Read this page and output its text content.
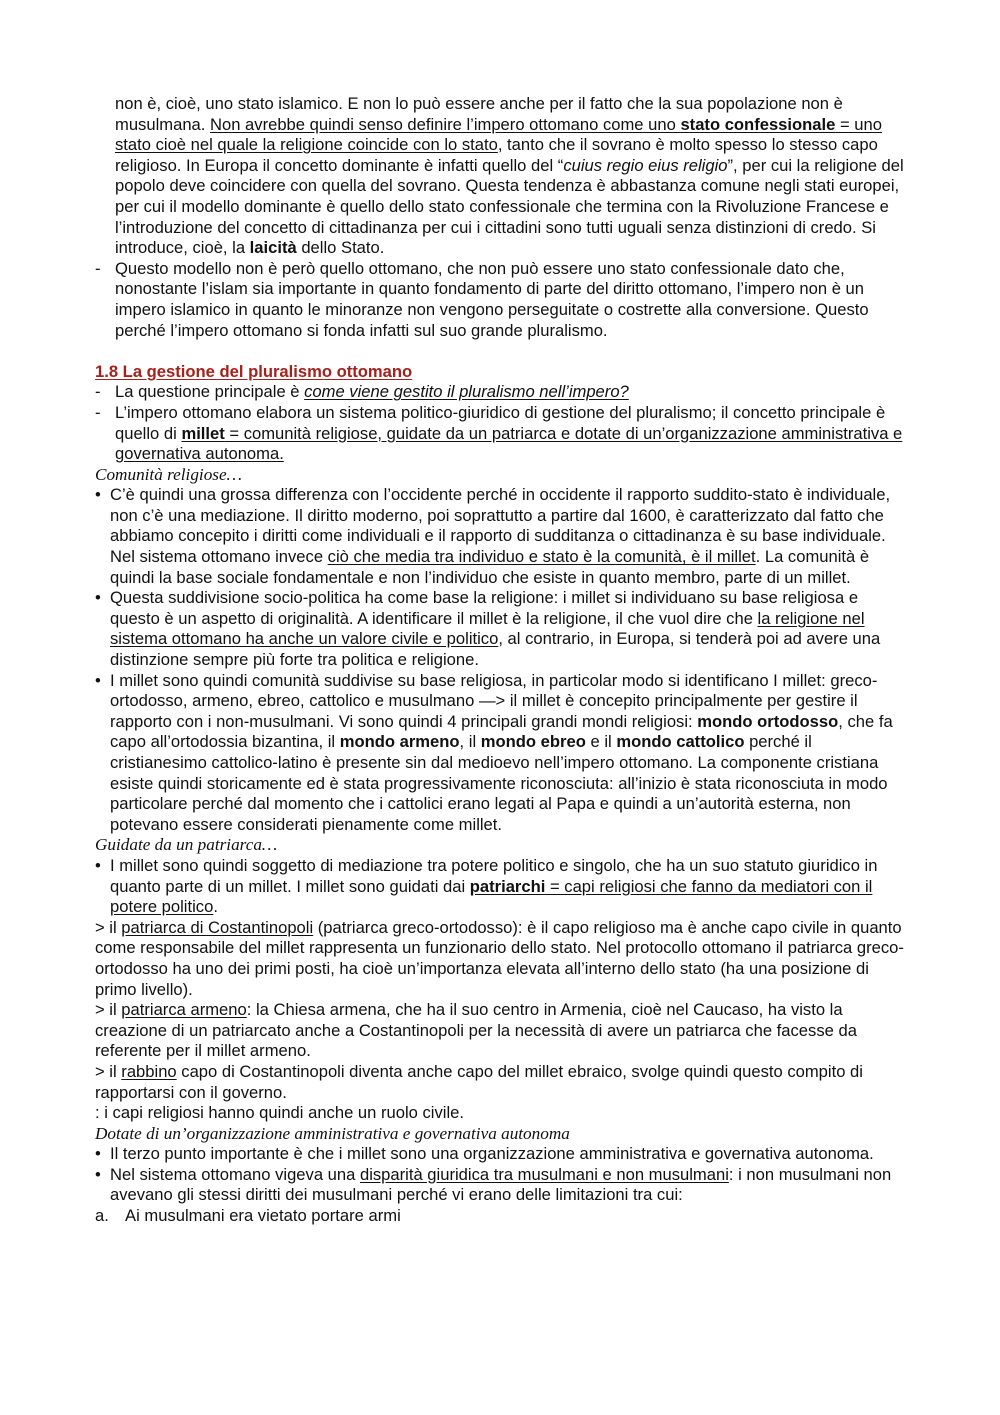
non è, cioè, uno stato islamico. E non lo può essere anche per il fatto che la sua popolazione non è musulmana. Non avrebbe quindi senso definire l’impero ottomano come uno stato confessionale = uno stato cioè nel quale la religione coincide con lo stato, tanto che il sovrano è molto spesso lo stesso capo religioso. In Europa il concetto dominante è infatti quello del “cuius regio eius religio”, per cui la religione del popolo deve coincidere con quella del sovrano. Questa tendenza è abbastanza comune negli stati europei, per cui il modello dominante è quello dello stato confessionale che termina con la Rivoluzione Francese e l’introduzione del concetto di cittadinanza per cui i cittadini sono tutti uguali senza distinzioni di credo. Si introduce, cioè, la laicità dello Stato.

- Questo modello non è però quello ottomano, che non può essere uno stato confessionale dato che, nonostante l’islam sia importante in quanto fondamento di parte del diritto ottomano, l’impero non è un impero islamico in quanto le minoranze non vengono perseguitate o costrette alla conversione. Questo perché l’impero ottomano si fonda infatti sul suo grande pluralismo.

1.8 La gestione del pluralismo ottomano

- La questione principale è come viene gestito il pluralismo nell’impero?

- L’impero ottomano elabora un sistema politico-giuridico di gestione del pluralismo; il concetto principale è quello di millet = comunità religiose, guidate da un patriarca e dotate di un’organizzazione amministrativa e governativa autonoma.

Comunità religiose…

• C’è quindi una grossa differenza con l’occidente perché in occidente il rapporto suddito-stato è individuale, non c’è una mediazione. Il diritto moderno, poi soprattutto a partire dal 1600, è caratterizzato dal fatto che abbiamo concepito i diritti come individuali e il rapporto di sudditanza o cittadinanza è su base individuale. Nel sistema ottomano invece ciò che media tra individuo e stato è la comunità, è il millet. La comunità è quindi la base sociale fondamentale e non l’individuo che esiste in quanto membro, parte di un millet.

• Questa suddivisione socio-politica ha come base la religione: i millet si individuano su base religiosa e questo è un aspetto di originalità. A identificare il millet è la religione, il che vuol dire che la religione nel sistema ottomano ha anche un valore civile e politico, al contrario, in Europa, si tenderà poi ad avere una distinzione sempre più forte tra politica e religione.

• I millet sono quindi comunità suddivise su base religiosa, in particolar modo si identificano I millet: greco-ortodosso, armeno, ebreo, cattolico e musulmano —> il millet è concepito principalmente per gestire il rapporto con i non-musulmani. Vi sono quindi 4 principali grandi mondi religiosi: mondo ortodosso, che fa capo all’ortodossia bizantina, il mondo armeno, il mondo ebreo e il mondo cattolico perché il cristianesimo cattolico-latino è presente sin dal medioevo nell’impero ottomano. La componente cristiana esiste quindi storicamente ed è stata progressivamente riconosciuta: all’inizio è stata riconosciuta in modo particolare perché dal momento che i cattolici erano legati al Papa e quindi a un’autorità esterna, non potevano essere considerati pienamente come millet.

Guidate da un patriarca…

• I millet sono quindi soggetto di mediazione tra potere politico e singolo, che ha un suo statuto giuridico in quanto parte di un millet. I millet sono guidati dai patriarchi = capi religiosi che fanno da mediatori con il potere politico.

> il patriarca di Costantinopoli (patriarca greco-ortodosso): è il capo religioso ma è anche capo civile in quanto come responsabile del millet rappresenta un funzionario dello stato. Nel protocollo ottomano il patriarca greco-ortodosso ha uno dei primi posti, ha cioè un’importanza elevata all’interno dello stato (ha una posizione di primo livello).

> il patriarca armeno: la Chiesa armena, che ha il suo centro in Armenia, cioè nel Caucaso, ha visto la creazione di un patriarcato anche a Costantinopoli per la necessità di avere un patriarca che facesse da referente per il millet armeno.

> il rabbino capo di Costantinopoli diventa anche capo del millet ebraico, svolge quindi questo compito di rapportarsi con il governo.

: i capi religiosi hanno quindi anche un ruolo civile.

Dotate di un’organizzazione amministrativa e governativa autonoma

• Il terzo punto importante è che i millet sono una organizzazione amministrativa e governativa autonoma.

• Nel sistema ottomano vigeva una disparità giuridica tra musulmani e non musulmani: i non musulmani non avevano gli stessi diritti dei musulmani perché vi erano delle limitazioni tra cui:

a. Ai musulmani era vietato portare armi
